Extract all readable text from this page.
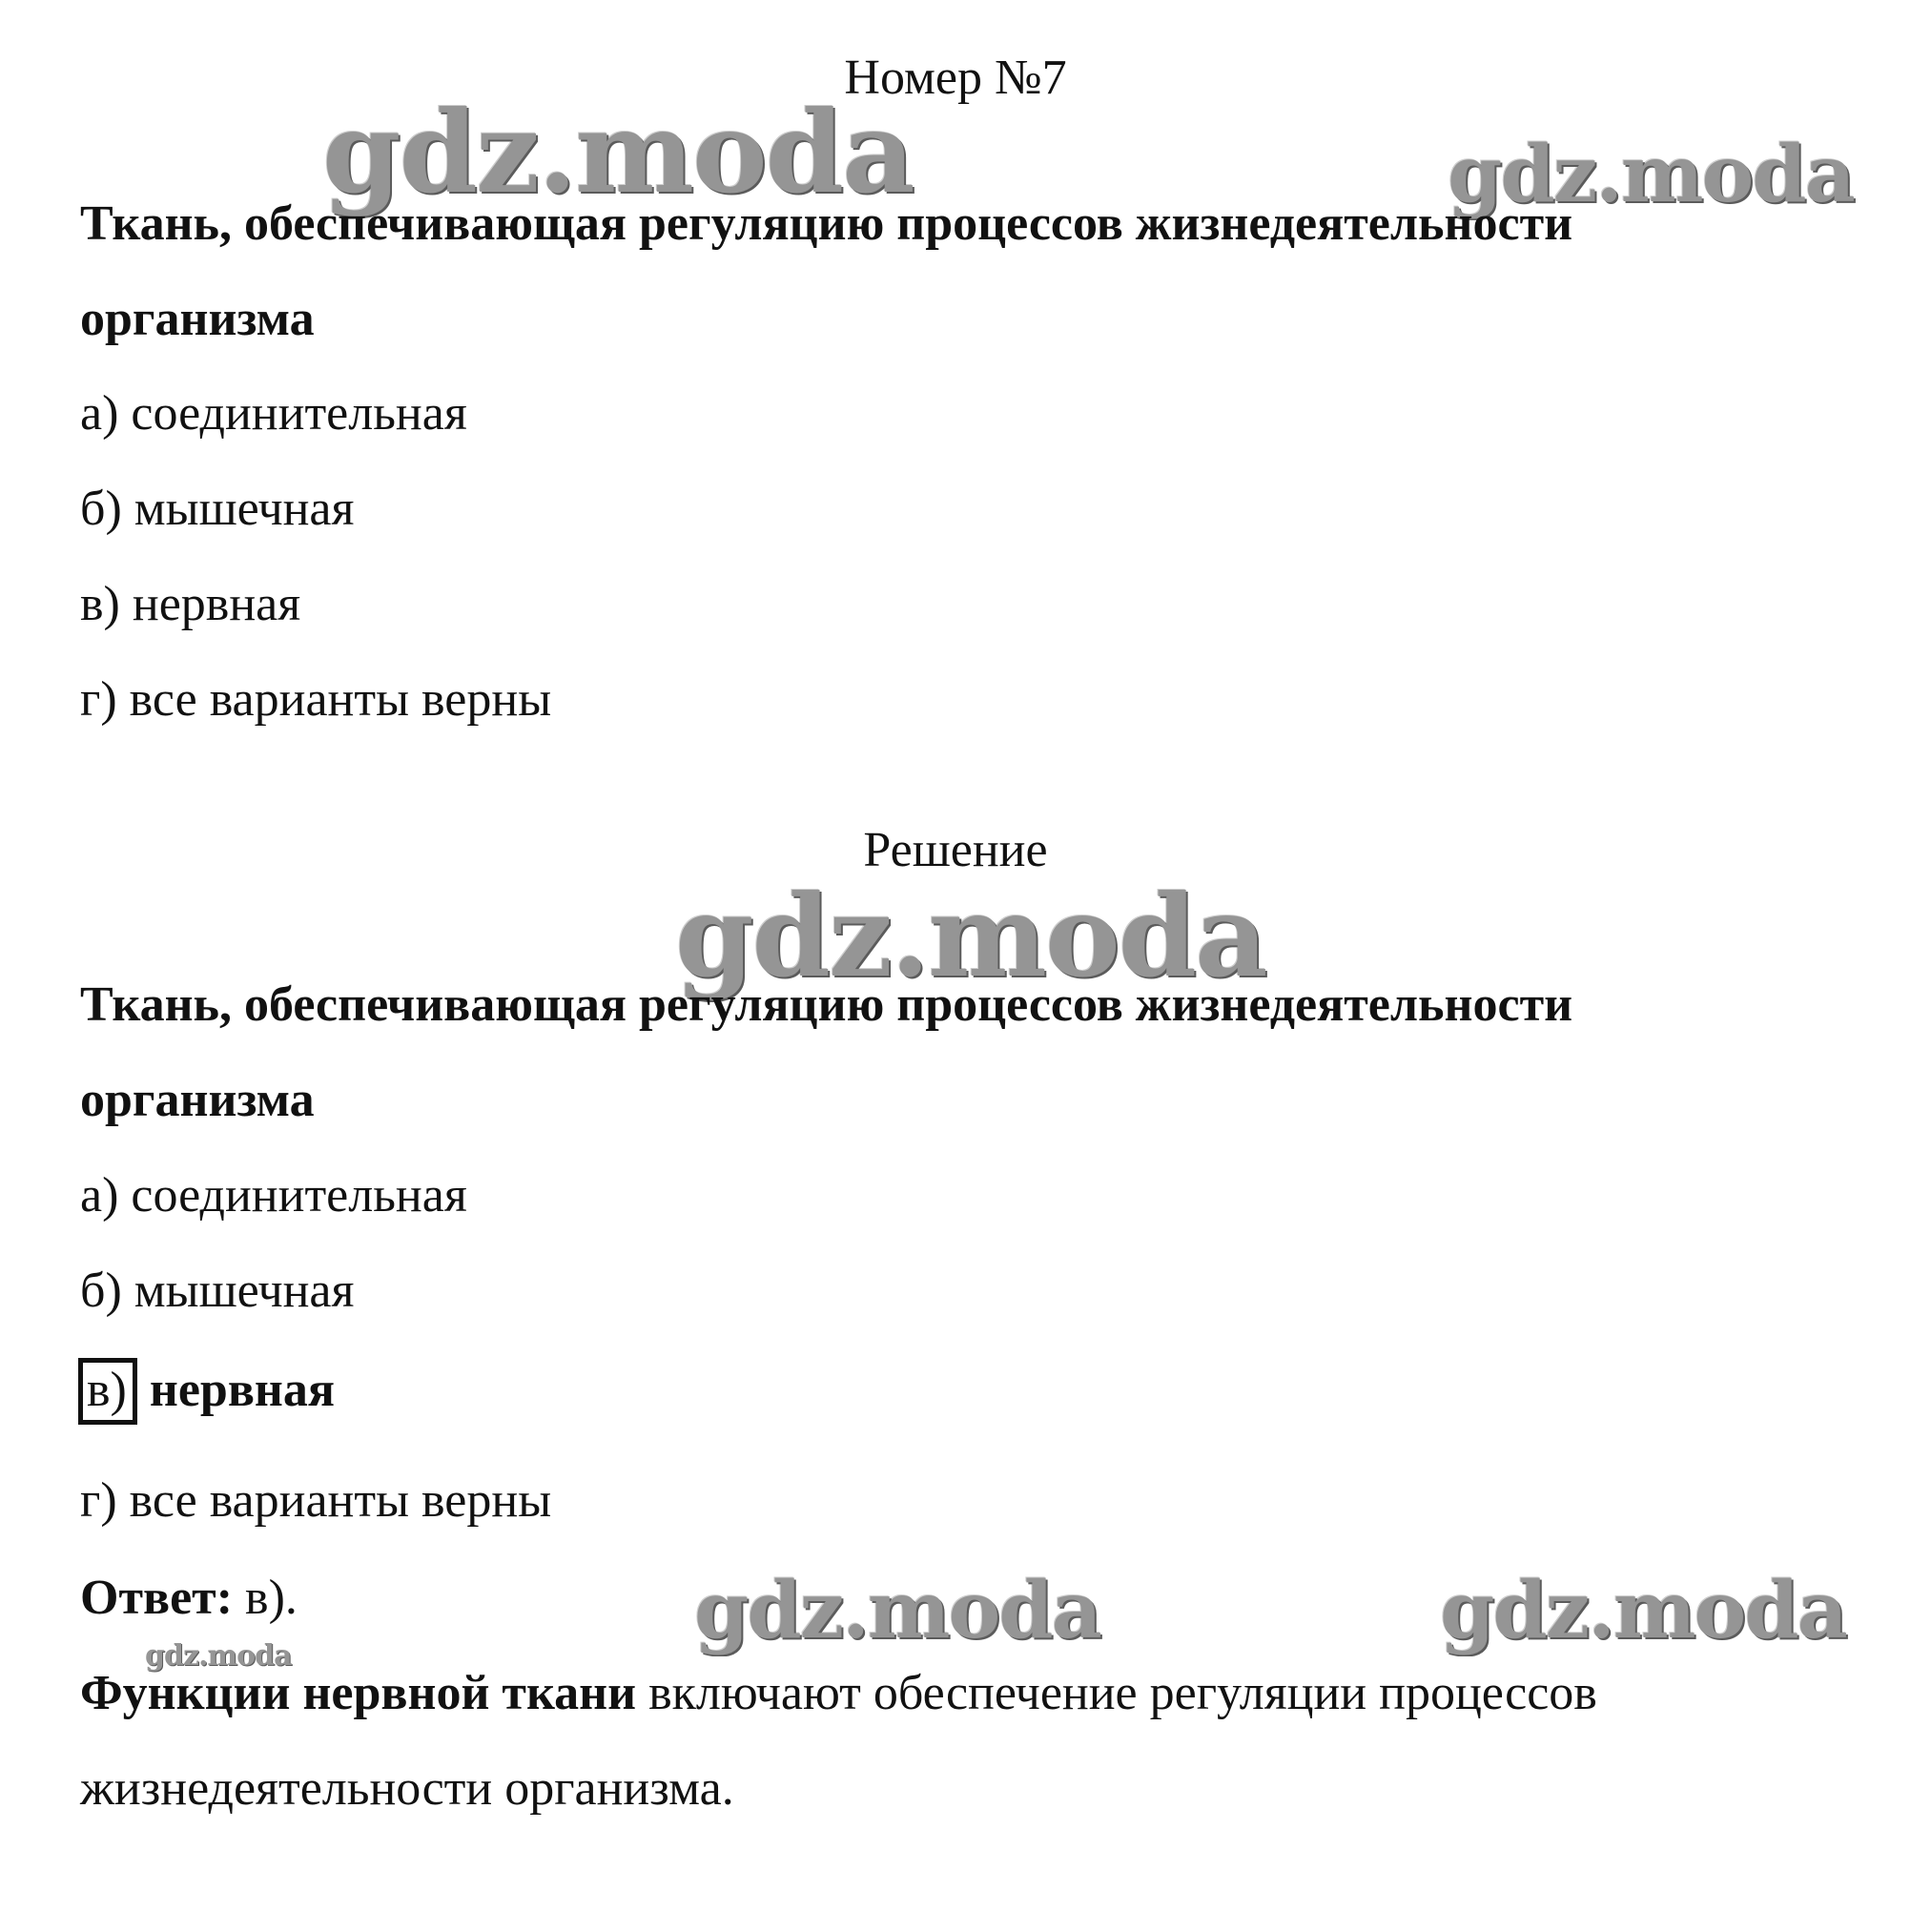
gdz.moda	gdz.moda
gdz.moda
gdz.moda	gdz.moda
gdz.moda
Номер №7
Ткань, обеспечивающая регуляцию процессов жизнедеятельности
организма
а) соединительная
б) мышечная
в) нервная
г) все варианты верны
Решение
Ткань, обеспечивающая регуляцию процессов жизнедеятельности
организма
а) соединительная
б) мышечная
в) нервная
г) все варианты верны
Ответ: в).
Функции нервной ткани включают обеспечение регуляции процессов
жизнедеятельности организма.
